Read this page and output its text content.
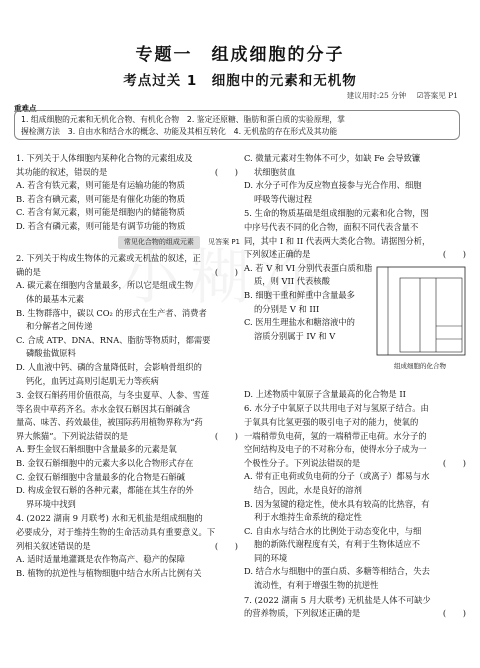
专题一　组成细胞的分子
考点过关 1　细胞中的元素和无机物
建议用时:25 分钟 ☑答案见 P1
重难点
1. 组成细胞的元素和无机化合物、有机化合物　2. 鉴定还原糖、脂肪和蛋白质的实验原理，掌
握检测方法　3. 自由水和结合水的概念、功能及其相互转化　4. 无机盐的存在形式及其功能
1. 下列关于人体细胞内某种化合物的元素组成及
其功能的叙述，错误的是	(　　)
A. 若含有铁元素，则可能是有运输功能的物质
B. 若含有碘元素，则可能是有催化功能的物质
C. 若含有氮元素，则可能是细胞内的储能物质
D. 若含有磷元素，则可能是有调节功能的物质
常见化合物的组成元素 见答案 P1
2. 下列关于构成生物体的元素或无机盐的叙述，正
确的是	(　　)
A. 碳元素在细胞内含量最多，所以它是组成生物
体的最基本元素
B. 生物群落中，碳以 CO₂ 的形式在生产者、消费者
和分解者之间传递
C. 合成 ATP、DNA、RNA、脂肪等物质时，都需要
磷酸盐做原料
D. 人血液中钙、磷的含量降低时，会影响骨组织的
钙化，血钙过高则引起肌无力等疾病
3. 金钗石斛药用价值很高，与冬虫夏草、人参、雪莲
等名贵中草药齐名。赤水金钗石斛因其石斛碱含
量高、味苦、药效最佳，被国际药用植物界称为“药
界大熊猫”。下列说法错误的是	(　　)
A. 野生金钗石斛细胞中含量最多的元素是氧
B. 金钗石斛细胞中的元素大多以化合物形式存在
C. 金钗石斛细胞中含量最多的化合物是石斛碱
D. 构成金钗石斛的各种元素，都能在其生存的外
界环境中找到
4. (2022 湖南 9 月联考) 水和无机盐是组成细胞的
必要成分，对于维持生物的生命活动具有重要意义。下
列相关叙述错误的是	(　　)
A. 适时适量地灌溉是农作物高产、稳产的保障
B. 植物的抗逆性与植物细胞中结合水所占比例有关
C. 微量元素对生物体不可少，如缺 Fe 会导致镰
状细胞贫血
D. 水分子可作为反应物直接参与光合作用、细胞
呼吸等代谢过程
5. 生命的物质基础是组成细胞的元素和化合物，图
中序号代表不同的化合物，面积不同代表含量不
同，其中 I 和 II 代表两大类化合物。请据图分析，
下列叙述正确的是	(　　)
A. 若 V 和 VI 分别代表蛋白质和脂
质，则 VII 代表核酸
B. 细胞干重和鲜重中含量最多
的分别是 V 和 III
C. 医用生理盐水和糖溶液中的
溶质分别属于 IV 和 V
组成细胞的化合物
D. 上述物质中氧原子含量最高的化合物是 II
6. 水分子中氧原子以共用电子对与氢原子结合。由
于氧具有比氢更强的吸引电子对的能力，使氧的
一端稍带负电荷，氢的一端稍带正电荷。水分子的
空间结构及电子的不对称分布，使得水分子成为一
个极性分子。下列说法错误的是	(　　)
A. 带有正电荷或负电荷的分子（或离子）都易与水
结合，因此，水是良好的溶剂
B. 因为氢键的稳定性，使水具有较高的比热容，有
利于水维持生命系统的稳定性
C. 自由水与结合水的比例处于动态变化中，与细
胞的新陈代谢程度有关，有利于生物体适应不
同的环境
D. 结合水与细胞中的蛋白质、多糖等相结合，失去
流动性，有利于增强生物的抗逆性
7. (2022 湖南 5 月大联考) 无机盐是人体不可缺少
的营养物质，下列叙述正确的是	(　　)
